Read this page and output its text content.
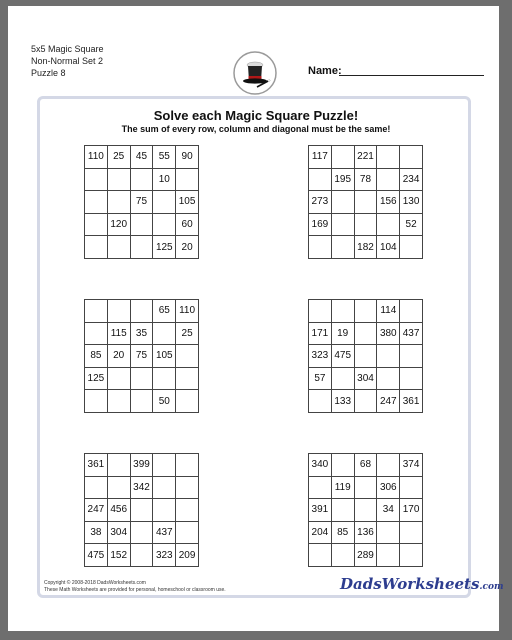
5x5 Magic Square
Non-Normal Set 2
Puzzle 8	Name:
Solve each Magic Square Puzzle!
The sum of every row, column and diagonal must be the same!
110	25	45	55	90
			10	
		75		105
	120			60
			125	20
117		221		
	195	78		234
273			156	130
169				52
		182	104	
			65	110
	115	35		25
85	20	75	105	
125				
			50	
			114	
171	19		380	437
323	475			
57		304		
	133		247	361
361		399		
		342		
247	456			
38	304		437	
475	152		323	209
340		68		374
	119		306	
391			34	170
204	85	136		
		289		
Copyright © 2008-2018 DadsWorksheets.com
These Math Worksheets are provided for personal, homeschool or classroom use.	DadsWorksheets.com
